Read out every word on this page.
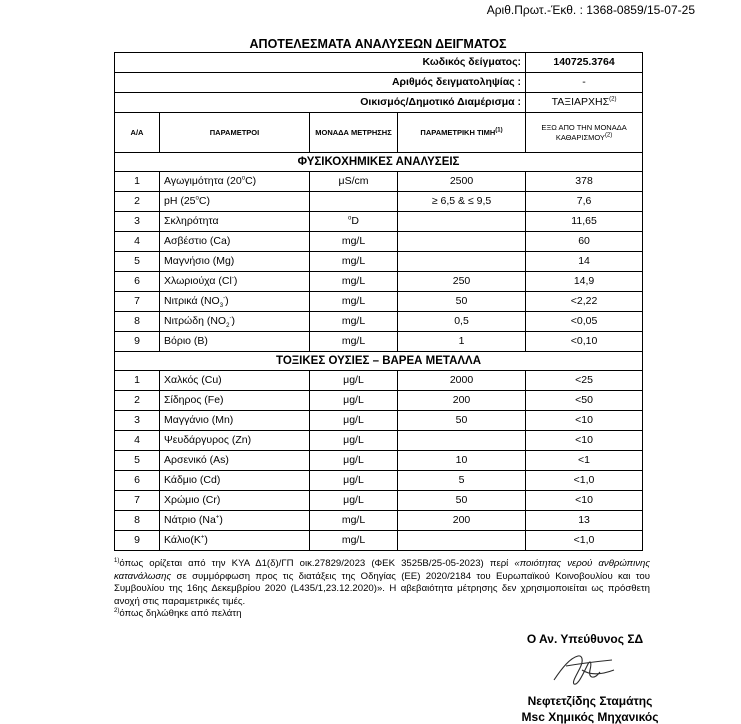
Αριθ.Πρωτ.-Έκθ. : 1368-0859/15-07-25
ΑΠΟΤΕΛΕΣΜΑΤΑ ΑΝΑΛΥΣΕΩΝ ΔΕΙΓΜΑΤΟΣ
Κωδικός δείγματος:				140725.3764
Αριθμός δειγματοληψίας :				-
Οικισμός/Δημοτικό Διαμέρισμα :				ΤΑΞΙΑΡΧΗΣ$^{(2)}$
Α/Α	ΠΑΡΑΜΕΤΡΟΙ	ΜΟΝΑΔΑ ΜΕΤΡΗΣΗΣ	ΠΑΡΑΜΕΤΡΙΚΗ ΤΙΜΗ$^{(1)}$	ΕΞΩ ΑΠΟ ΤΗΝ ΜΟΝΑΔΑ ΚΑΘΑΡΙΣΜΟΥ$^{(2)}$
ΦΥΣΙΚΟΧΗΜΙΚΕΣ ΑΝΑΛΥΣΕΙΣ				
1	Αγωγιμότητα (20$^o$C)	μS/cm	2500	378
2	pH (25$^o$C)		≥ 6,5 & ≤ 9,5	7,6
3	Σκληρότητα	$^o$D		11,65
4	Ασβέστιο (Ca)	mg/L		60
5	Μαγνήσιο (Mg)	mg/L		14
6	Χλωριούχα (Cl-)	mg/L	250	14,9
7	Νιτρικά $(NO_3^-)$	mg/L	50	<2,22
8	Νιτρώδη $(NO_2^-)$	mg/L	0,5	<0,05
9	Βόριο (B)	mg/L	1	<0,10
ΤΟΞΙΚΕΣ ΟΥΣΙΕΣ – ΒΑΡΕΑ ΜΕΤΑΛΛΑ				
1	Χαλκός (Cu)	μg/L	2000	<25
2	Σίδηρος (Fe)	μg/L	200	<50
3	Μαγγάνιο (Mn)	μg/L	50	<10
4	Ψευδάργυρος (Zn)	μg/L		<10
5	Αρσενικό (As)	μg/L	10	<1
6	Κάδμιο (Cd)	μg/L	5	<1,0
7	Χρώμιο (Cr)	μg/L	50	<10
8	Νάτριο (Na+)	mg/L	200	13
9	Κάλιο(K+)	mg/L		<1,0
$^{1)}$όπως ορίζεται από την ΚΥΑ Δ1(δ)/ΓΠ οικ.27829/2023 (ΦΕΚ 3525Β/25-05-2023) περί «ποιότητας νερού ανθρώπινης κατανάλωσης σε συμμόρφωση προς τις διατάξεις της Οδηγίας (ΕΕ) 2020/2184 του Ευρωπαϊκού Κοινοβουλίου και του Συμβουλίου της 16ης Δεκεμβρίου 2020 (L435/1,23.12.2020)». Η αβεβαιότητα μέτρησης δεν χρησιμοποιείται ως πρόσθετη ανοχή στις παραμετρικές τιμές.
$^{2)}$όπως δηλώθηκε από πελάτη
Ο Αν. Υπεύθυνος ΣΔ
Νεφτετζίδης Σταμάτης
Msc Χημικός Μηχανικός
